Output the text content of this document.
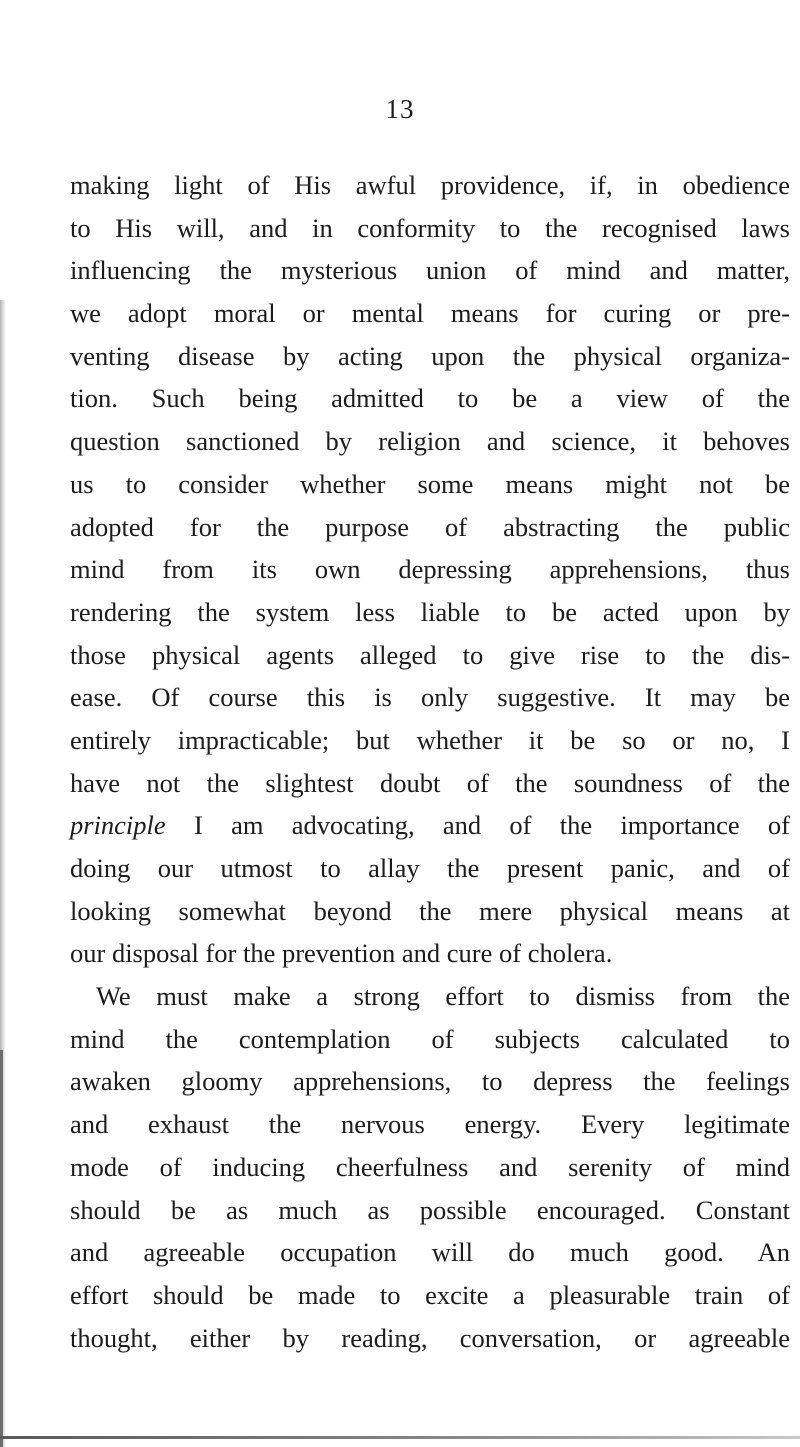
13
making light of His awful providence, if, in obedience
to His will, and in conformity to the recognised laws
influencing the mysterious union of mind and matter,
we adopt moral or mental means for curing or pre-
venting disease by acting upon the physical organiza-
tion. Such being admitted to be a view of the
question sanctioned by religion and science, it behoves
us to consider whether some means might not be
adopted for the purpose of abstracting the public
mind from its own depressing apprehensions, thus
rendering the system less liable to be acted upon by
those physical agents alleged to give rise to the dis-
ease. Of course this is only suggestive. It may be
entirely impracticable; but whether it be so or no, I
have not the slightest doubt of the soundness of the
principle I am advocating, and of the importance of
doing our utmost to allay the present panic, and of
looking somewhat beyond the mere physical means at
our disposal for the prevention and cure of cholera.
We must make a strong effort to dismiss from the
mind the contemplation of subjects calculated to
awaken gloomy apprehensions, to depress the feelings
and exhaust the nervous energy. Every legitimate
mode of inducing cheerfulness and serenity of mind
should be as much as possible encouraged. Constant
and agreeable occupation will do much good. An
effort should be made to excite a pleasurable train of
thought, either by reading, conversation, or agreeable
